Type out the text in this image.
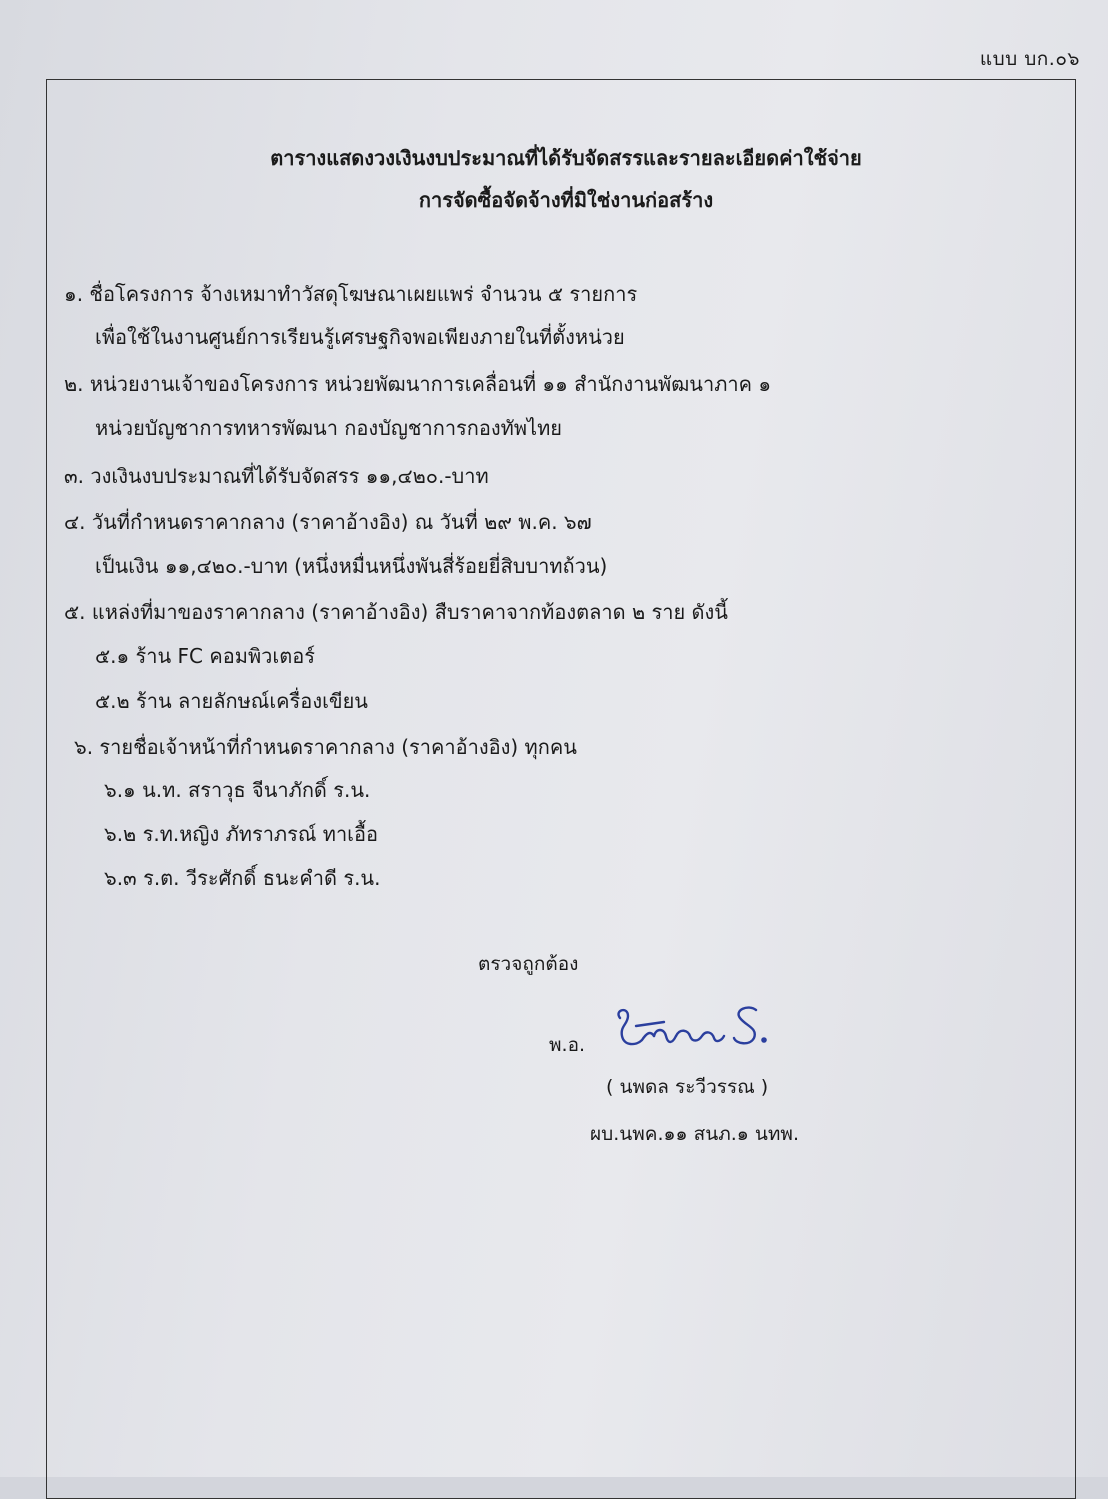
แบบ บก.๐๖
ตารางแสดงวงเงินงบประมาณที่ได้รับจัดสรรและรายละเอียดค่าใช้จ่าย
การจัดซื้อจัดจ้างที่มิใช่งานก่อสร้าง
๑. ชื่อโครงการ จ้างเหมาทำวัสดุโฆษณาเผยแพร่ จำนวน ๕ รายการ
เพื่อใช้ในงานศูนย์การเรียนรู้เศรษฐกิจพอเพียงภายในที่ตั้งหน่วย
๒. หน่วยงานเจ้าของโครงการ หน่วยพัฒนาการเคลื่อนที่ ๑๑ สำนักงานพัฒนาภาค ๑
หน่วยบัญชาการทหารพัฒนา กองบัญชาการกองทัพไทย
๓. วงเงินงบประมาณที่ได้รับจัดสรร ๑๑,๔๒๐.-บาท
๔. วันที่กำหนดราคากลาง (ราคาอ้างอิง) ณ วันที่ ๒๙ พ.ค. ๖๗
เป็นเงิน ๑๑,๔๒๐.-บาท (หนึ่งหมื่นหนึ่งพันสี่ร้อยยี่สิบบาทถ้วน)
๕. แหล่งที่มาของราคากลาง (ราคาอ้างอิง) สืบราคาจากท้องตลาด ๒ ราย ดังนี้
๕.๑ ร้าน FC คอมพิวเตอร์
๕.๒ ร้าน ลายลักษณ์เครื่องเขียน
๖. รายชื่อเจ้าหน้าที่กำหนดราคากลาง (ราคาอ้างอิง) ทุกคน
๖.๑ น.ท. สราวุธ จีนาภักดิ์ ร.น.
๖.๒ ร.ท.หญิง ภัทราภรณ์ ทาเอื้อ
๖.๓ ร.ต. วีระศักดิ์ ธนะคำดี ร.น.
ตรวจถูกต้อง
พ.อ.
( นพดล ระวีวรรณ )
ผบ.นพค.๑๑ สนภ.๑ นทพ.
